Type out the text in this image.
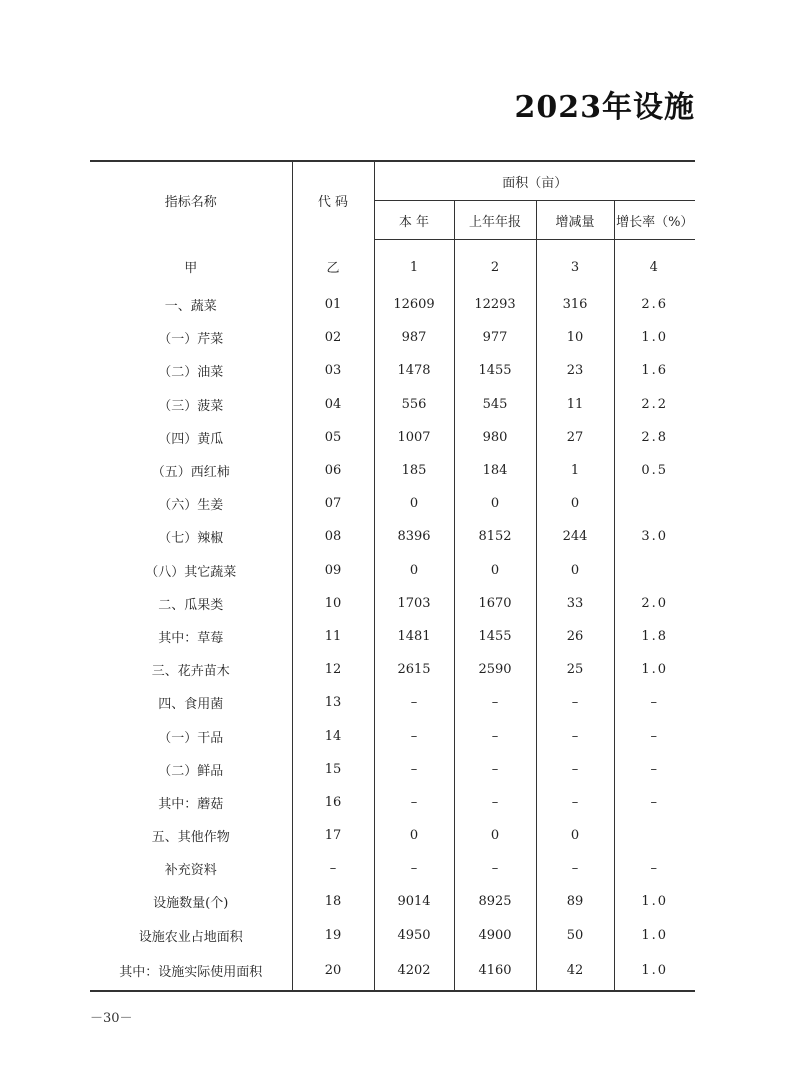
2023年设施
指标名称	代 码	面积（亩）			
		本 年	上年年报	增减量	增长率（%）
甲	乙	1	2	3	4
一、蔬菜	01	12609	12293	316	2.6
（一）芹菜	02	987	977	10	1.0
（二）油菜	03	1478	1455	23	1.6
（三）菠菜	04	556	545	11	2.2
（四）黄瓜	05	1007	980	27	2.8
（五）西红柿	06	185	184	1	0.5
（六）生姜	07	0	0	0	
（七）辣椒	08	8396	8152	244	3.0
（八）其它蔬菜	09	0	0	0	
二、瓜果类	10	1703	1670	33	2.0
其中：草莓	11	1481	1455	26	1.8
三、花卉苗木	12	2615	2590	25	1.0
四、食用菌	13	–	–	–	–
（一）干品	14	–	–	–	–
（二）鲜品	15	–	–	–	–
其中：蘑菇	16	–	–	–	–
五、其他作物	17	0	0	0	
补充资料	–	–	–	–	–
设施数量(个)	18	9014	8925	89	1.0
设施农业占地面积	19	4950	4900	50	1.0
其中：设施实际使用面积	20	4202	4160	42	1.0
－30－
